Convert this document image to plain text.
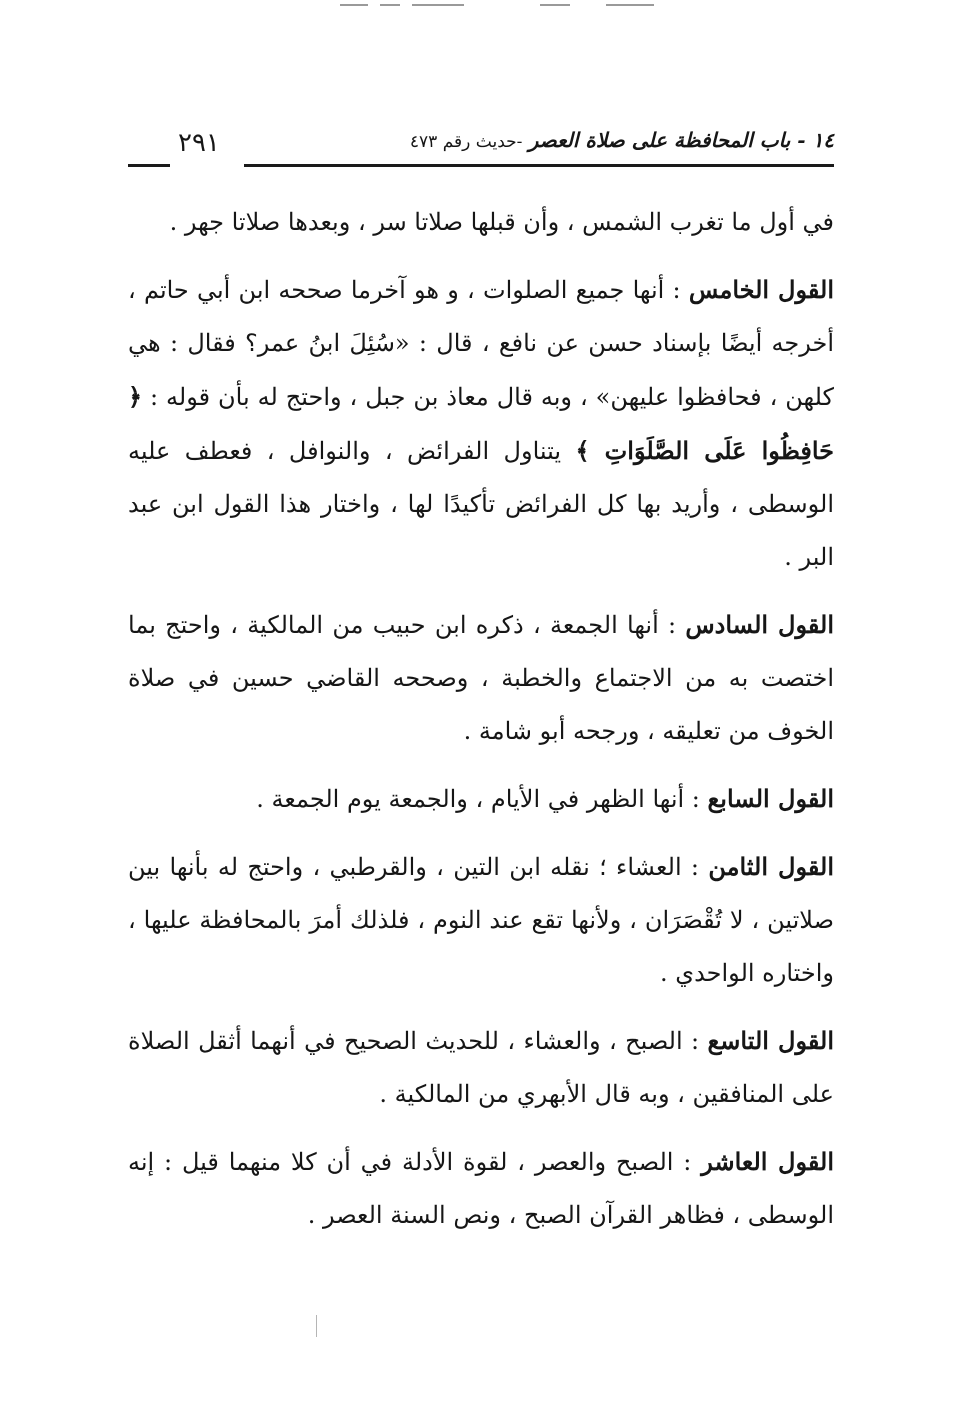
١٤ - باب المحافظة على صلاة العصر -حديث رقم ٤٧٣
٢٩١

في أول ما تغرب الشمس ، وأن قبلها صلاتا سر ، وبعدها صلاتا جهر .

القول الخامس : أنها جميع الصلوات ، و هو آخرما صححه ابن أبي حاتم ، أخرجه أيضًا بإسناد حسن عن نافع ، قال : «سُئِلَ ابنُ عمر؟ فقال : هي كلهن ، فحافظوا عليهن» ، وبه قال معاذ بن جبل ، واحتج له بأن قوله : ﴿ حَافِظُوا عَلَى الصَّلَوَاتِ ﴾ يتناول الفرائض ، والنوافل ، فعطف عليه الوسطى ، وأريد بها كل الفرائض تأكيدًا لها ، واختار هذا القول ابن عبد البر .

القول السادس : أنها الجمعة ، ذكره ابن حبيب من المالكية ، واحتج بما اختصت به من الاجتماع والخطبة ، وصححه القاضي حسين في صلاة الخوف من تعليقه ، ورجحه أبو شامة .

القول السابع : أنها الظهر في الأيام ، والجمعة يوم الجمعة .

القول الثامن : العشاء ؛ نقله ابن التين ، والقرطبي ، واحتج له بأنها بين صلاتين ، لا تُقْصَرَان ، ولأنها تقع عند النوم ، فلذلك أمرَ بالمحافظة عليها ، واختاره الواحدي .

القول التاسع : الصبح ، والعشاء ، للحديث الصحيح في أنهما أثقل الصلاة على المنافقين ، وبه قال الأبهري من المالكية .

القول العاشر : الصبح والعصر ، لقوة الأدلة في أن كلا منهما قيل : إنه الوسطى ، فظاهر القرآن الصبح ، ونص السنة العصر .
